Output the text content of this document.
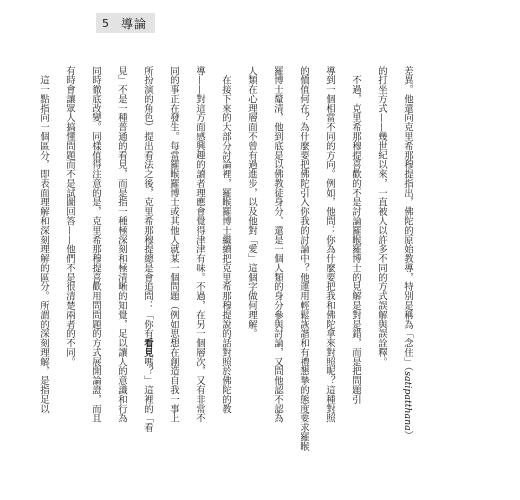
5 導論
差異。他還向克里希那穆提指出，佛陀的原始教導，特別是稱為「念住」（satipatthana）
的打坐方式——幾世紀以來，一直被人以許多不同的方式誤解與誤詮釋。
　不過，克里希那穆提喜歡的不是討論羅睺羅博士的見解是對是錯，而是把問題引
導到一個相當不同的方向。例如，他問：你為什麼要把我和佛陀拿來對照呢？這種對照
的價值何在？為什麼要把佛陀引入你我的討論中？他運用輕鬆詼諧和有禮懇摯的態度要求羅睺
羅博士釐清，他到底是以佛教徒身分、還是一個人類的身分參與討論，又問他認不認為
人類在心理層面不曾有過進步，以及他對「愛」這個字做何理解。
　在接下來的大部分討論裡，羅睺羅博士繼續把克里希那穆提說的話對照於佛陀的教
導——對這方面感興趣的讀者理應會覺得津津有味。不過，在另一個層次，又有非常不
同的事正在發生。每當羅睺羅博士或其他人就某一個問題（例如思想在創造自我一事上
所扮演的角色）提出看法之後，克里希那穆提總是會追問：「你有看見嗎？」這裡的「看
見」不是一種普通的看見，而是指一種極深刻和極清晰的知覺，足以讓人的意識和行為
同時徹底改變。同樣值得注意的是，克里希那穆提喜歡用問問題的方式展開論證，而且
有時會讓眾人搞懂問題而不是試圖回答——他們不是很清楚兩者的不同。
　這一點指向一個區分，即表面理解和深刻理解的區分。所謂的深刻理解，是指足以
